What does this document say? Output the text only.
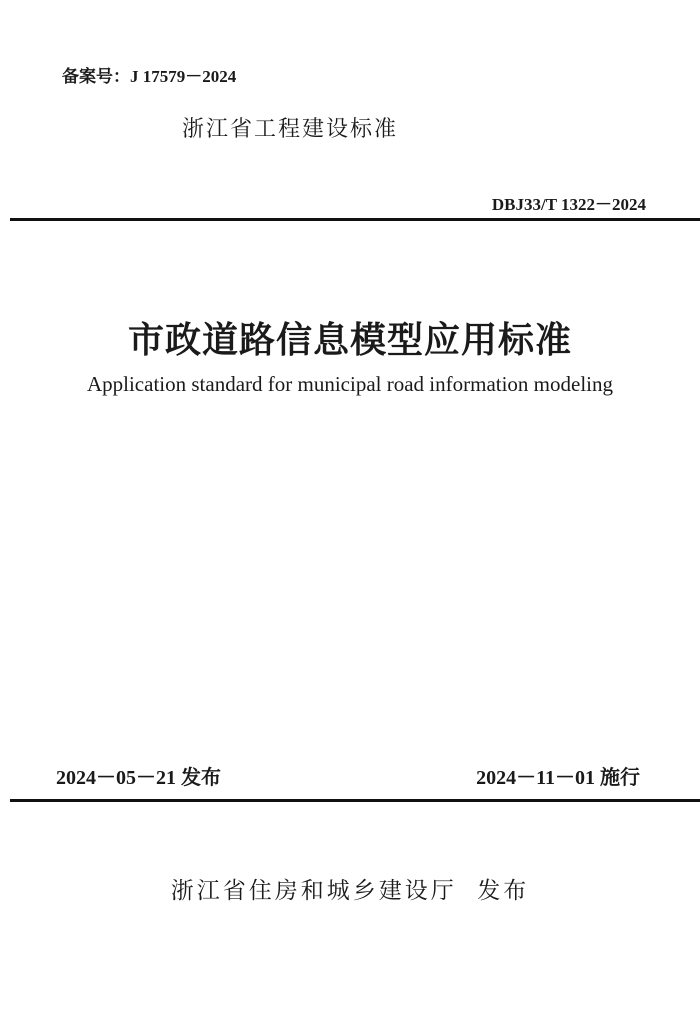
备案号：J 17579－2024
浙江省工程建设标准
DBJ33/T 1322－2024
市政道路信息模型应用标准
Application standard for municipal road information modeling
2024－05－21 发布	2024－11－01 施行
浙江省住房和城乡建设厅  发布
